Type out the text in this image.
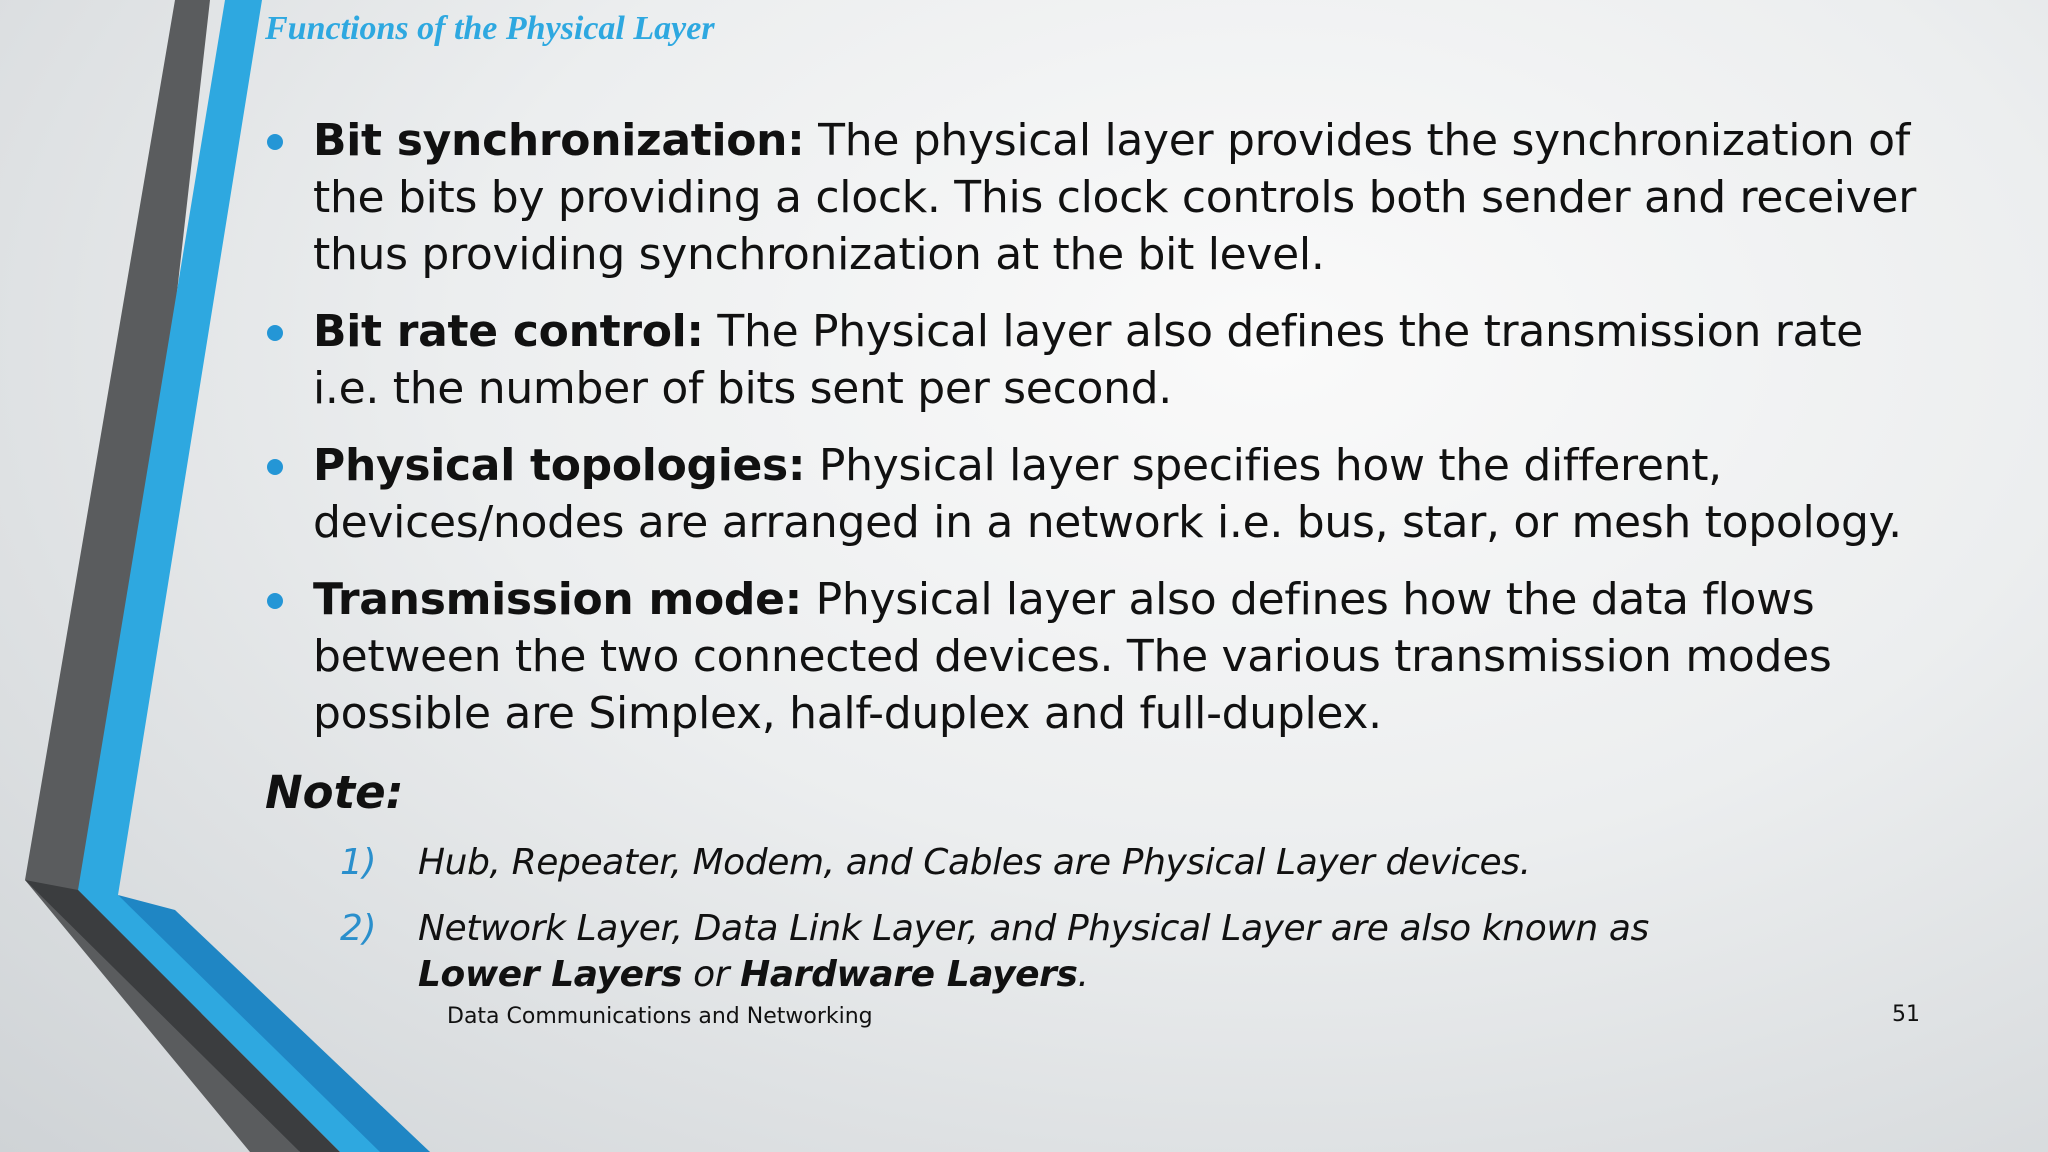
Functions of the Physical Layer
Bit synchronization: The physical layer provides the synchronization of the bits by providing a clock. This clock controls both sender and receiver thus providing synchronization at the bit level.
Bit rate control: The Physical layer also defines the transmission rate i.e. the number of bits sent per second.
Physical topologies: Physical layer specifies how the different, devices/nodes are arranged in a network i.e. bus, star, or mesh topology.
Transmission mode: Physical layer also defines how the data flows between the two connected devices. The various transmission modes possible are Simplex, half-duplex and full-duplex.
Note:
1) Hub, Repeater, Modem, and Cables are Physical Layer devices.
2) Network Layer, Data Link Layer, and Physical Layer are also known as Lower Layers or Hardware Layers.
Data Communications and Networking	51
